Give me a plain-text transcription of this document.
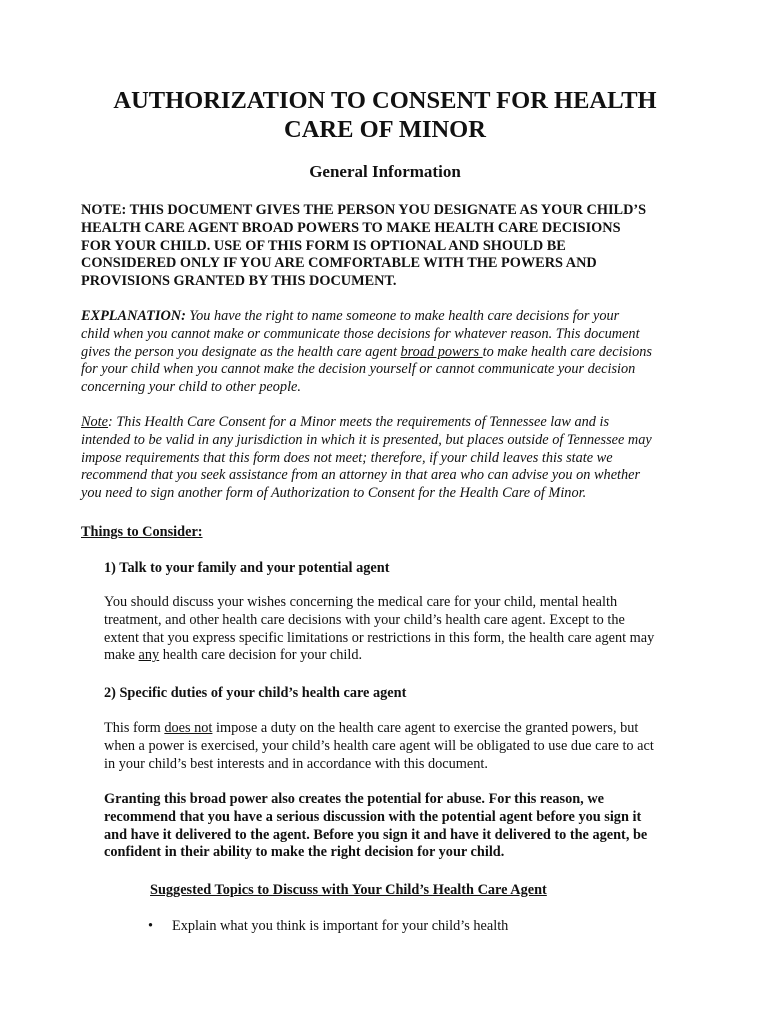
AUTHORIZATION TO CONSENT FOR HEALTH
CARE OF MINOR
General Information
NOTE: THIS DOCUMENT GIVES THE PERSON YOU DESIGNATE AS YOUR CHILD’S
HEALTH CARE AGENT BROAD POWERS TO MAKE HEALTH CARE DECISIONS
FOR YOUR CHILD. USE OF THIS FORM IS OPTIONAL AND SHOULD BE
CONSIDERED ONLY IF YOU ARE COMFORTABLE WITH THE POWERS AND
PROVISIONS GRANTED BY THIS DOCUMENT.
EXPLANATION: You have the right to name someone to make health care decisions for your
child when you cannot make or communicate those decisions for whatever reason. This document
gives the person you designate as the health care agent broad powers to make health care decisions
for your child when you cannot make the decision yourself or cannot communicate your decision
concerning your child to other people.
Note: This Health Care Consent for a Minor meets the requirements of Tennessee law and is
intended to be valid in any jurisdiction in which it is presented, but places outside of Tennessee may
impose requirements that this form does not meet; therefore, if your child leaves this state we
recommend that you seek assistance from an attorney in that area who can advise you on whether
you need to sign another form of Authorization to Consent for the Health Care of Minor.
Things to Consider:
1) Talk to your family and your potential agent
You should discuss your wishes concerning the medical care for your child, mental health
treatment, and other health care decisions with your child’s health care agent. Except to the
extent that you express specific limitations or restrictions in this form, the health care agent may
make any health care decision for your child.
2) Specific duties of your child’s health care agent
This form does not impose a duty on the health care agent to exercise the granted powers, but
when a power is exercised, your child’s health care agent will be obligated to use due care to act
in your child’s best interests and in accordance with this document.
Granting this broad power also creates the potential for abuse. For this reason, we
recommend that you have a serious discussion with the potential agent before you sign it
and have it delivered to the agent. Before you sign it and have it delivered to the agent, be
confident in their ability to make the right decision for your child.
Suggested Topics to Discuss with Your Child’s Health Care Agent
•	Explain what you think is important for your child’s health
